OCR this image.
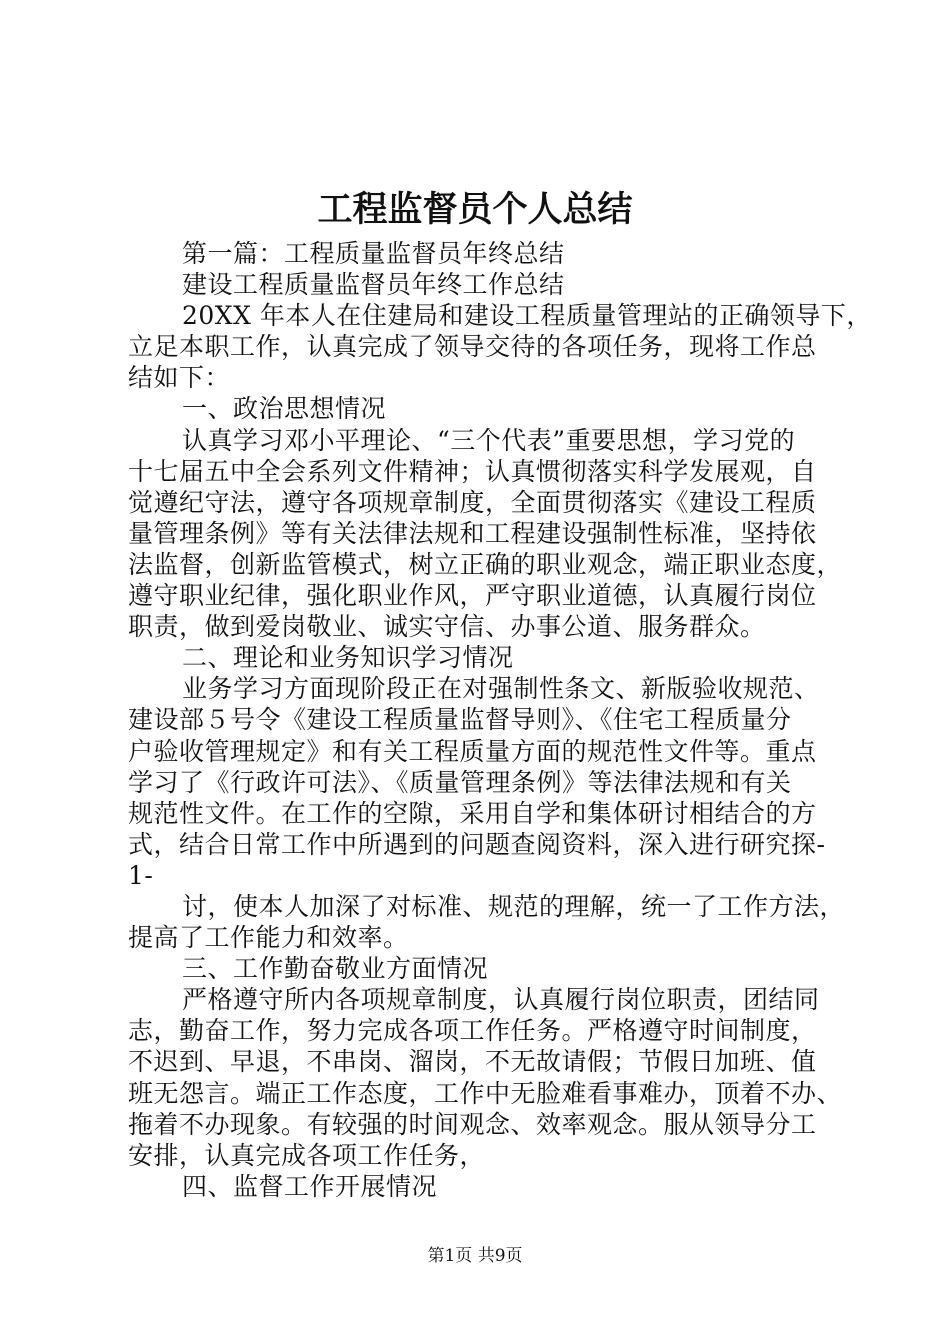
工程监督员个人总结
第一篇：工程质量监督员年终总结
建设工程质量监督员年终工作总结
20XX 年本人在住建局和建设工程质量管理站的正确领导下，
立足本职工作，认真完成了领导交待的各项任务，现将工作总
结如下：
一、政治思想情况
认真学习邓小平理论、“三个代表”重要思想，学习党的
十七届五中全会系列文件精神；认真惯彻落实科学发展观，自
觉遵纪守法，遵守各项规章制度，全面贯彻落实《建设工程质
量管理条例》等有关法律法规和工程建设强制性标准，坚持依
法监督，创新监管模式，树立正确的职业观念，端正职业态度，
遵守职业纪律，强化职业作风，严守职业道德，认真履行岗位
职责，做到爱岗敬业、诚实守信、办事公道、服务群众。
二、理论和业务知识学习情况
业务学习方面现阶段正在对强制性条文、新版验收规范、
建设部５号令《建设工程质量监督导则》、《住宅工程质量分
户验收管理规定》和有关工程质量方面的规范性文件等。重点
学习了《行政许可法》、《质量管理条例》等法律法规和有关
规范性文件。在工作的空隙，采用自学和集体研讨相结合的方
式，结合日常工作中所遇到的问题查阅资料，深入进行研究探-
1-
讨，使本人加深了对标准、规范的理解，统一了工作方法，
提高了工作能力和效率。
三、工作勤奋敬业方面情况
严格遵守所内各项规章制度，认真履行岗位职责，团结同
志，勤奋工作，努力完成各项工作任务。严格遵守时间制度，
不迟到、早退，不串岗、溜岗，不无故请假；节假日加班、值
班无怨言。端正工作态度，工作中无脸难看事难办，顶着不办、
拖着不办现象。有较强的时间观念、效率观念。服从领导分工
安排，认真完成各项工作任务，
四、监督工作开展情况
第1页 共9页
